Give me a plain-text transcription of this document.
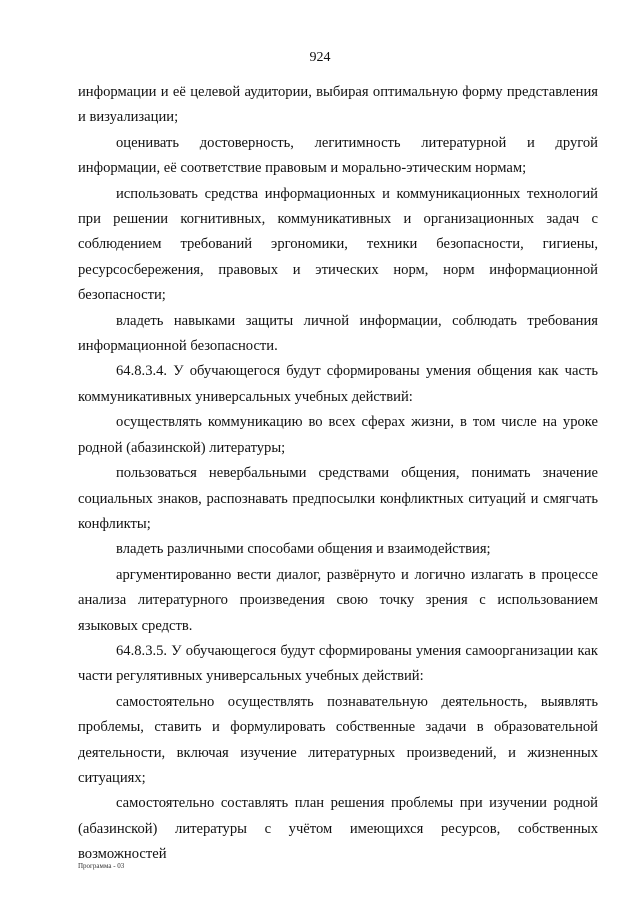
924

информации и её целевой аудитории, выбирая оптимальную форму представления и визуализации;

оценивать достоверность, легитимность литературной и другой информации, её соответствие правовым и морально-этическим нормам;

использовать средства информационных и коммуникационных технологий при решении когнитивных, коммуникативных и организационных задач с соблюдением требований эргономики, техники безопасности, гигиены, ресурсосбережения, правовых и этических норм, норм информационной безопасности;

владеть навыками защиты личной информации, соблюдать требования информационной безопасности.

64.8.3.4. У обучающегося будут сформированы умения общения как часть коммуникативных универсальных учебных действий:

осуществлять коммуникацию во всех сферах жизни, в том числе на уроке родной (абазинской) литературы;

пользоваться невербальными средствами общения, понимать значение социальных знаков, распознавать предпосылки конфликтных ситуаций и смягчать конфликты;

владеть различными способами общения и взаимодействия;

аргументированно вести диалог, развёрнуто и логично излагать в процессе анализа литературного произведения свою точку зрения с использованием языковых средств.

64.8.3.5. У обучающегося будут сформированы умения самоорганизации как части регулятивных универсальных учебных действий:

самостоятельно осуществлять познавательную деятельность, выявлять проблемы, ставить и формулировать собственные задачи в образовательной деятельности, включая изучение литературных произведений, и жизненных ситуациях;

самостоятельно составлять план решения проблемы при изучении родной (абазинской) литературы с учётом имеющихся ресурсов, собственных возможностей

Программа - 03
